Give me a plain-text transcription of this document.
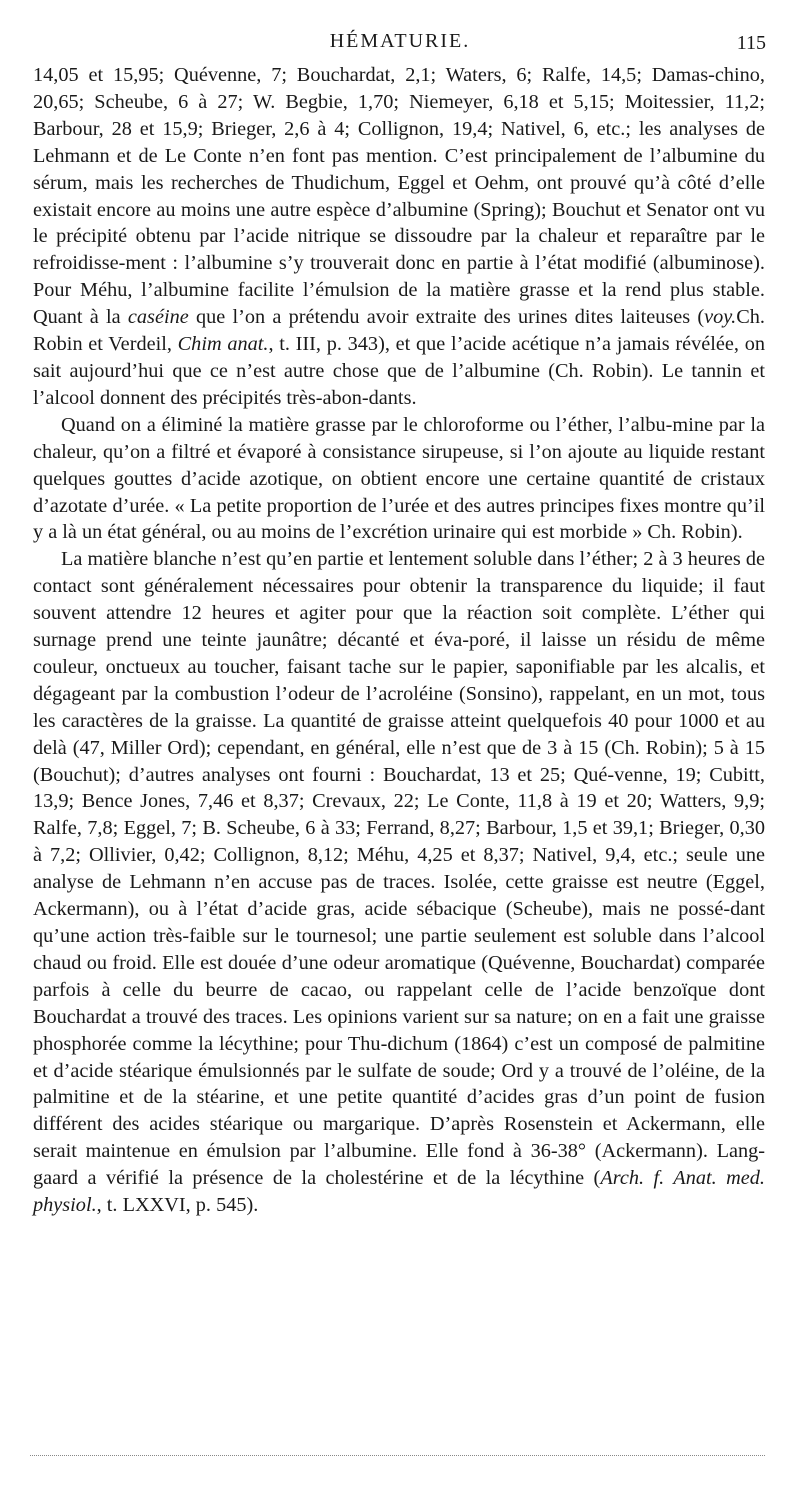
HÉMATURIE.	115

14,05 et 15,95; Quévenne, 7; Bouchardat, 2,1; Waters, 6; Ralfe, 14,5; Damas-chino, 20,65; Scheube, 6 à 27; W. Begbie, 1,70; Niemeyer, 6,18 et 5,15; Moitessier, 11,2; Barbour, 28 et 15,9; Brieger, 2,6 à 4; Collignon, 19,4; Nativel, 6, etc.; les analyses de Lehmann et de Le Conte n’en font pas mention. C’est principalement de l’albumine du sérum, mais les recherches de Thudichum, Eggel et Oehm, ont prouvé qu’à côté d’elle existait encore au moins une autre espèce d’albumine (Spring); Bouchut et Senator ont vu le précipité obtenu par l’acide nitrique se dissoudre par la chaleur et reparaître par le refroidisse-ment : l’albumine s’y trouverait donc en partie à l’état modifié (albuminose). Pour Méhu, l’albumine facilite l’émulsion de la matière grasse et la rend plus stable. Quant à la caséine que l’on a prétendu avoir extraite des urines dites laiteuses (voy.Ch. Robin et Verdeil, Chim anat., t. III, p. 343), et que l’acide acétique n’a jamais révélée, on sait aujourd’hui que ce n’est autre chose que de l’albumine (Ch. Robin). Le tannin et l’alcool donnent des précipités très-abon-dants.

Quand on a éliminé la matière grasse par le chloroforme ou l’éther, l’albu-mine par la chaleur, qu’on a filtré et évaporé à consistance sirupeuse, si l’on ajoute au liquide restant quelques gouttes d’acide azotique, on obtient encore une certaine quantité de cristaux d’azotate d’urée. « La petite proportion de l’urée et des autres principes fixes montre qu’il y a là un état général, ou au moins de l’excrétion urinaire qui est morbide » Ch. Robin).

La matière blanche n’est qu’en partie et lentement soluble dans l’éther; 2 à 3 heures de contact sont généralement nécessaires pour obtenir la transparence du liquide; il faut souvent attendre 12 heures et agiter pour que la réaction soit complète. L’éther qui surnage prend une teinte jaunâtre; décanté et éva-poré, il laisse un résidu de même couleur, onctueux au toucher, faisant tache sur le papier, saponifiable par les alcalis, et dégageant par la combustion l’odeur de l’acroléine (Sonsino), rappelant, en un mot, tous les caractères de la graisse. La quantité de graisse atteint quelquefois 40 pour 1000 et au delà (47, Miller Ord); cependant, en général, elle n’est que de 3 à 15 (Ch. Robin); 5 à 15 (Bouchut); d’autres analyses ont fourni : Bouchardat, 13 et 25; Qué-venne, 19; Cubitt, 13,9; Bence Jones, 7,46 et 8,37; Crevaux, 22; Le Conte, 11,8 à 19 et 20; Watters, 9,9; Ralfe, 7,8; Eggel, 7; B. Scheube, 6 à 33; Ferrand, 8,27; Barbour, 1,5 et 39,1; Brieger, 0,30 à 7,2; Ollivier, 0,42; Collignon, 8,12; Méhu, 4,25 et 8,37; Nativel, 9,4, etc.; seule une analyse de Lehmann n’en accuse pas de traces. Isolée, cette graisse est neutre (Eggel, Ackermann), ou à l’état d’acide gras, acide sébacique (Scheube), mais ne possé-dant qu’une action très-faible sur le tournesol; une partie seulement est soluble dans l’alcool chaud ou froid. Elle est douée d’une odeur aromatique (Quévenne, Bouchardat) comparée parfois à celle du beurre de cacao, ou rappelant celle de l’acide benzoïque dont Bouchardat a trouvé des traces. Les opinions varient sur sa nature; on en a fait une graisse phosphorée comme la lécythine; pour Thu-dichum (1864) c’est un composé de palmitine et d’acide stéarique émulsionnés par le sulfate de soude; Ord y a trouvé de l’oléine, de la palmitine et de la stéarine, et une petite quantité d’acides gras d’un point de fusion différent des acides stéarique ou margarique. D’après Rosenstein et Ackermann, elle serait maintenue en émulsion par l’albumine. Elle fond à 36-38° (Ackermann). Lang-gaard a vérifié la présence de la cholestérine et de la lécythine (Arch. f. Anat. med. physiol., t. LXXVI, p. 545).
